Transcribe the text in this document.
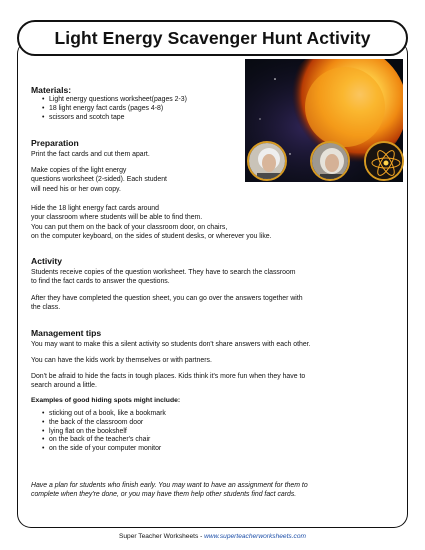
Light Energy Scavenger Hunt Activity
Materials:
• Light energy questions worksheet(pages 2-3)
• 18 light energy fact cards (pages 4-8)
• scissors and scotch tape
Preparation
Print the fact cards and cut them apart.
Make copies of the light energy
questions worksheet (2-sided). Each student
will need his or her own copy.
Hide the 18 light energy fact cards around
your classroom where students will be able to find them.
You can put them on the back of your classroom door, on chairs,
on the computer keyboard, on the sides of student desks, or wherever you like.
Activity
Students receive copies of the question worksheet. They have to search the classroom
to find the fact cards to answer the questions.
After they have completed the question sheet, you can go over the answers together with
the class.
Management tips
You may want to make this a silent activity so students don't share answers with each other.
You can have the kids work by themselves or with partners.
Don't be afraid to hide the facts in tough places. Kids think it's more fun when they have to
search around a little.
Examples of good hiding spots might include:
• sticking out of a book, like a bookmark
• the back of the classroom door
• lying flat on the bookshelf
• on the back of the teacher's chair
• on the side of your computer monitor
Have a plan for students who finish early. You may want to have an assignment for them to
complete when they're done, or you may have them help other students find fact cards.
Super Teacher Worksheets - www.superteacherworksheets.com
